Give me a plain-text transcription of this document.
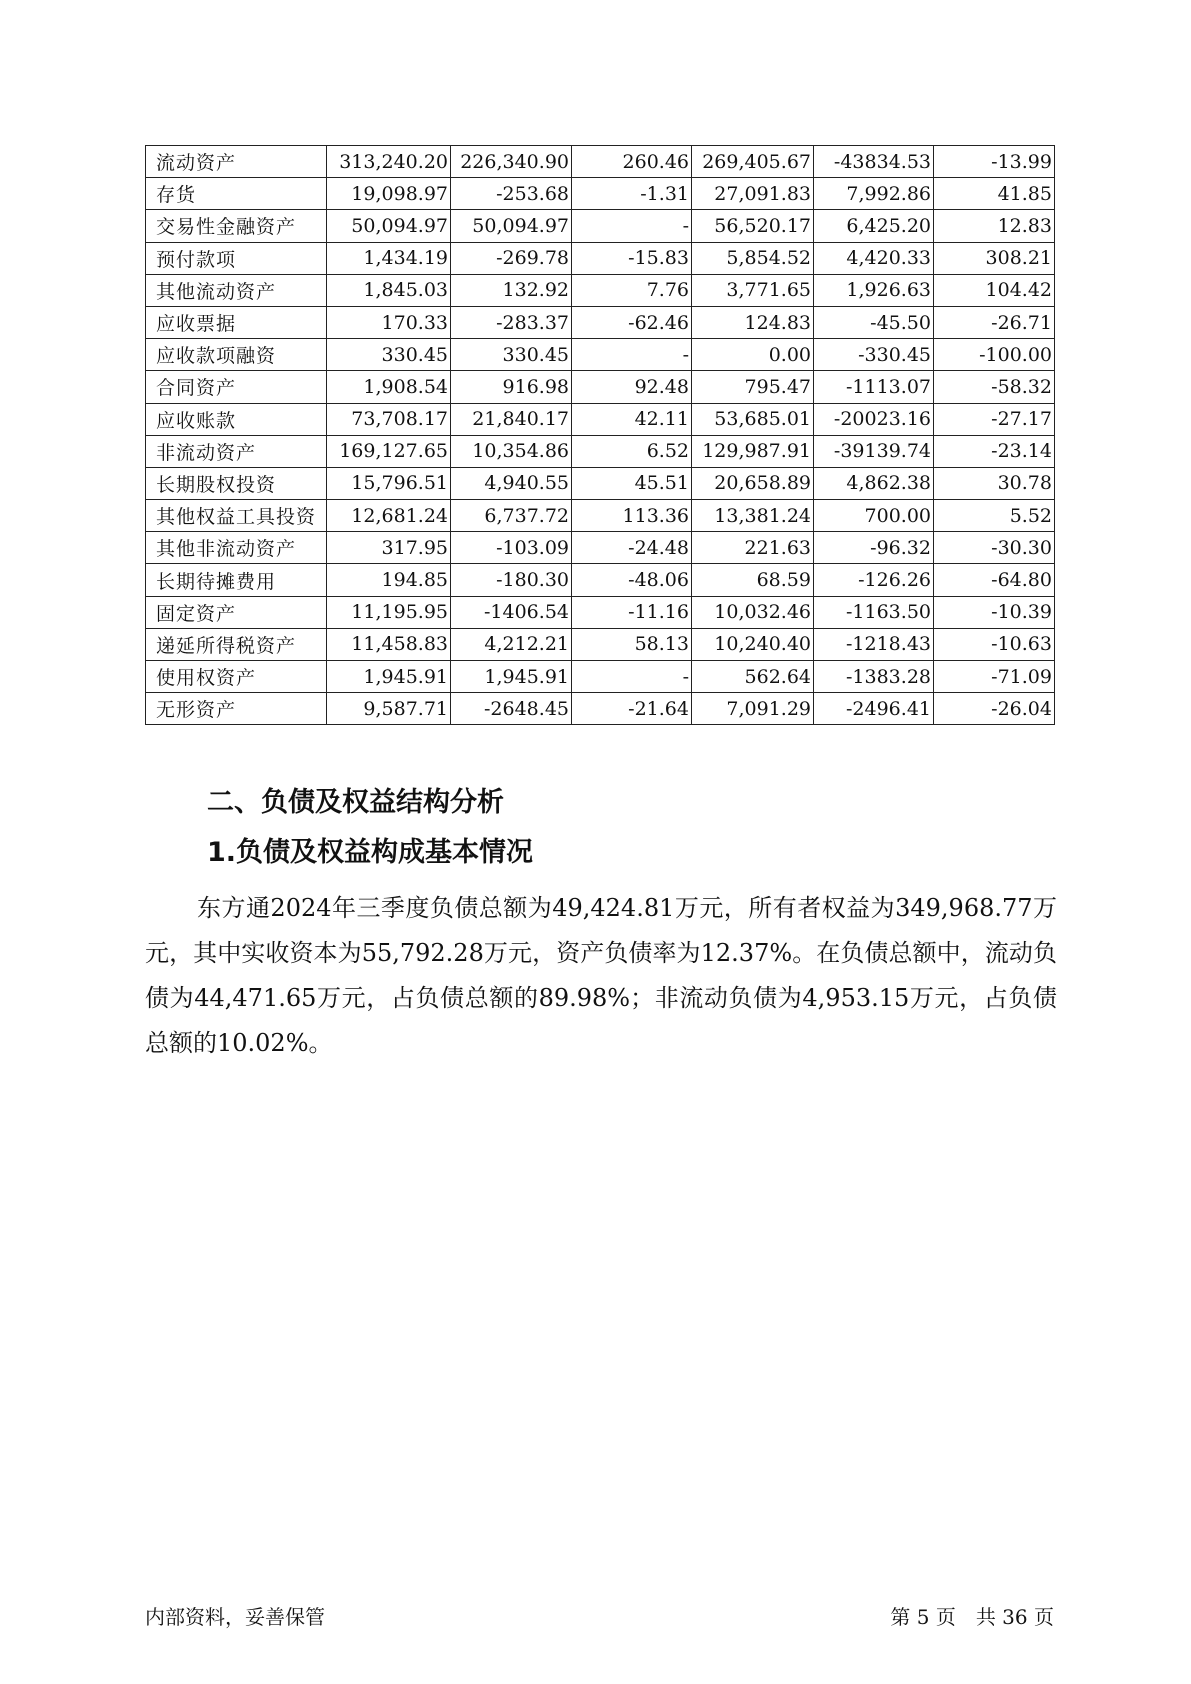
流动资产	313,240.20	226,340.90	260.46	269,405.67	-43834.53	-13.99
存货	19,098.97	-253.68	-1.31	27,091.83	7,992.86	41.85
交易性金融资产	50,094.97	50,094.97	-	56,520.17	6,425.20	12.83
预付款项	1,434.19	-269.78	-15.83	5,854.52	4,420.33	308.21
其他流动资产	1,845.03	132.92	7.76	3,771.65	1,926.63	104.42
应收票据	170.33	-283.37	-62.46	124.83	-45.50	-26.71
应收款项融资	330.45	330.45	-	0.00	-330.45	-100.00
合同资产	1,908.54	916.98	92.48	795.47	-1113.07	-58.32
应收账款	73,708.17	21,840.17	42.11	53,685.01	-20023.16	-27.17
非流动资产	169,127.65	10,354.86	6.52	129,987.91	-39139.74	-23.14
长期股权投资	15,796.51	4,940.55	45.51	20,658.89	4,862.38	30.78
其他权益工具投资	12,681.24	6,737.72	113.36	13,381.24	700.00	5.52
其他非流动资产	317.95	-103.09	-24.48	221.63	-96.32	-30.30
长期待摊费用	194.85	-180.30	-48.06	68.59	-126.26	-64.80
固定资产	11,195.95	-1406.54	-11.16	10,032.46	-1163.50	-10.39
递延所得税资产	11,458.83	4,212.21	58.13	10,240.40	-1218.43	-10.63
使用权资产	1,945.91	1,945.91	-	562.64	-1383.28	-71.09
无形资产	9,587.71	-2648.45	-21.64	7,091.29	-2496.41	-26.04
二、负债及权益结构分析
1.负债及权益构成基本情况

东方通2024年三季度负债总额为49,424.81万元，所有者权益为349,968.77万元，其中实收资本为55,792.28万元，资产负债率为12.37%。在负债总额中，流动负债为44,471.65万元，占负债总额的89.98%；非流动负债为4,953.15万元，占负债总额的10.02%。

内部资料，妥善保管	第 5 页　共 36 页
